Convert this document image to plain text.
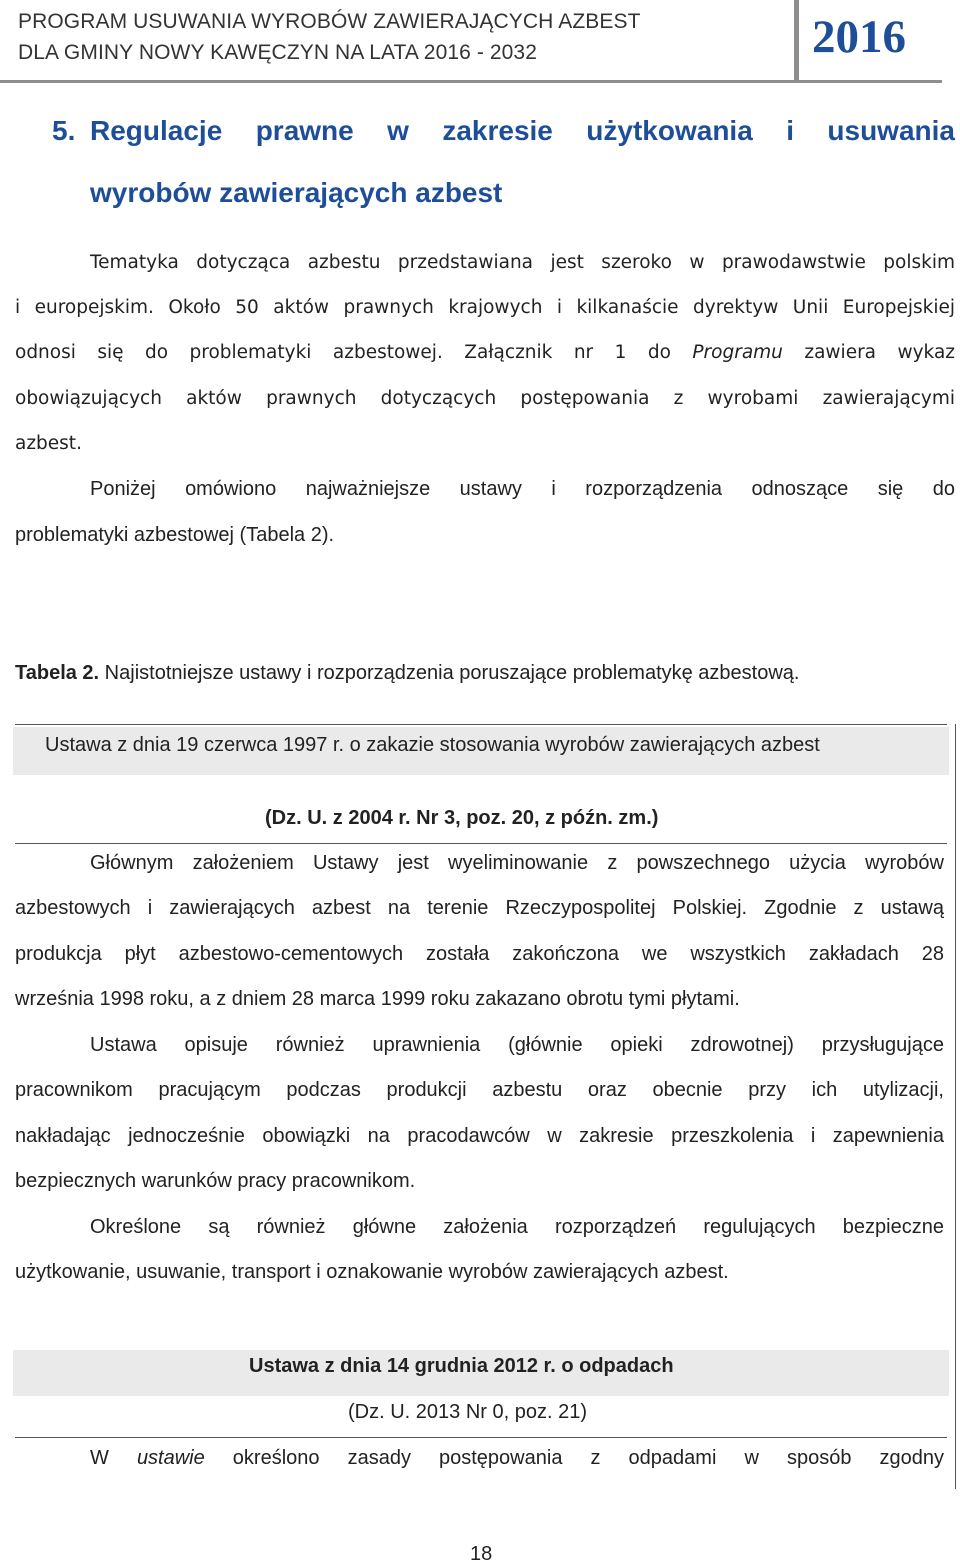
PROGRAM USUWANIA WYROBÓW ZAWIERAJĄCYCH AZBEST
DLA GMINY NOWY KAWĘCZYN NA LATA 2016 - 2032	2016
5. Regulacje prawne w zakresie użytkowania i usuwania
wyrobów zawierających azbest
Tematyka dotycząca azbestu przedstawiana jest szeroko w prawodawstwie polskim
i europejskim. Około 50 aktów prawnych krajowych i kilkanaście dyrektyw Unii Europejskiej
odnosi się do problematyki azbestowej. Załącznik nr 1 do Programu zawiera wykaz
obowiązujących aktów prawnych dotyczących postępowania z wyrobami zawierającymi
azbest.
Poniżej omówiono najważniejsze ustawy i rozporządzenia odnoszące się do
problematyki azbestowej (Tabela 2).
Tabela 2. Najistotniejsze ustawy i rozporządzenia poruszające problematykę azbestową.
Ustawa z dnia 19 czerwca 1997 r. o zakazie stosowania wyrobów zawierających azbest
(Dz. U. z 2004 r. Nr 3, poz. 20, z późn. zm.)
Głównym założeniem Ustawy jest wyeliminowanie z powszechnego użycia wyrobów
azbestowych i zawierających azbest na terenie Rzeczypospolitej Polskiej. Zgodnie z ustawą
produkcja płyt azbestowo-cementowych została zakończona we wszystkich zakładach 28
września 1998 roku, a z dniem 28 marca 1999 roku zakazano obrotu tymi płytami.
Ustawa opisuje również uprawnienia (głównie opieki zdrowotnej) przysługujące
pracownikom pracującym podczas produkcji azbestu oraz obecnie przy ich utylizacji,
nakładając jednocześnie obowiązki na pracodawców w zakresie przeszkolenia i zapewnienia
bezpiecznych warunków pracy pracownikom.
Określone są również główne założenia rozporządzeń regulujących bezpieczne
użytkowanie, usuwanie, transport i oznakowanie wyrobów zawierających azbest.
Ustawa z dnia 14 grudnia 2012 r. o odpadach
(Dz. U. 2013 Nr 0, poz. 21)
W ustawie określono zasady postępowania z odpadami w sposób zgodny
18
